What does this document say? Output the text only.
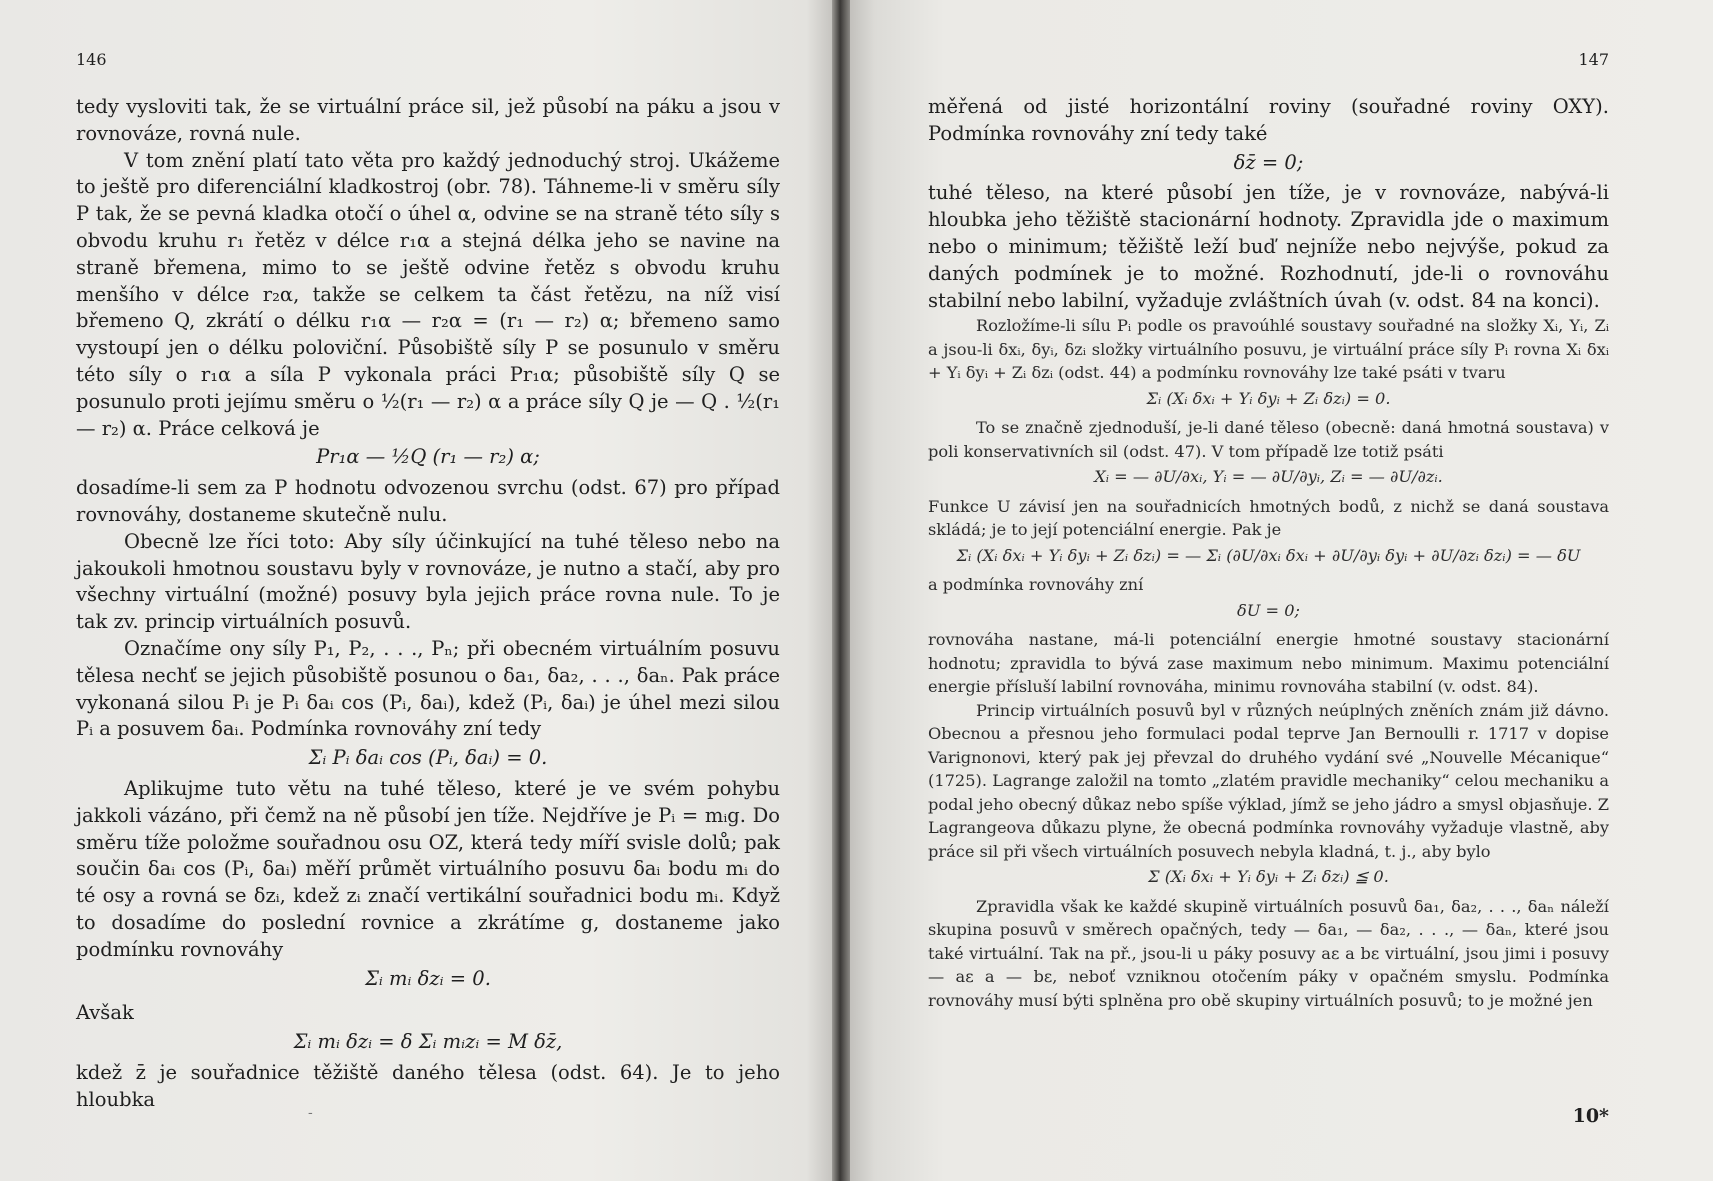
146

tedy vysloviti tak, že se virtuální práce sil, jež působí na páku a jsou v rovnováze, rovná nule.

V tom znění platí tato věta pro každý jednoduchý stroj. Ukážeme to ještě pro diferenciální kladkostroj (obr. 78). Táhneme-li v směru síly P tak, že se pevná kladka otočí o úhel α, odvine se na straně této síly s obvodu kruhu r₁ řetěz v délce r₁α a stejná délka jeho se navine na straně břemena, mimo to se ještě odvine řetěz s obvodu kruhu menšího v délce r₂α, takže se celkem ta část řetězu, na níž visí břemeno Q, zkrátí o délku r₁α — r₂α = (r₁ — r₂) α; břemeno samo vystoupí jen o délku poloviční. Působiště síly P se posunulo v směru této síly o r₁α a síla P vykonala práci Pr₁α; působiště síly Q se posunulo proti jejímu směru o ½(r₁ — r₂) α a práce síly Q je — Q . ½(r₁ — r₂) α. Práce celková je

Pr₁α — ½Q (r₁ — r₂) α;

dosadíme-li sem za P hodnotu odvozenou svrchu (odst. 67) pro případ rovnováhy, dostaneme skutečně nulu.

Obecně lze říci toto: Aby síly účinkující na tuhé těleso nebo na jakoukoli hmotnou soustavu byly v rovnováze, je nutno a stačí, aby pro všechny virtuální (možné) posuvy byla jejich práce rovna nule. To je tak zv. princip virtuálních posuvů.

Označíme ony síly P₁, P₂, . . ., Pₙ; při obecném virtuálním posuvu tělesa nechť se jejich působiště posunou o δa₁, δa₂, . . ., δaₙ. Pak práce vykonaná silou Pᵢ je Pᵢ δaᵢ cos (Pᵢ, δaᵢ), kdež (Pᵢ, δaᵢ) je úhel mezi silou Pᵢ a posuvem δaᵢ. Podmínka rovnováhy zní tedy

Σᵢ Pᵢ δaᵢ cos (Pᵢ, δaᵢ) = 0.

Aplikujme tuto větu na tuhé těleso, které je ve svém pohybu jakkoli vázáno, při čemž na ně působí jen tíže. Nejdříve je Pᵢ = mᵢg. Do směru tíže položme souřadnou osu OZ, která tedy míří svisle dolů; pak součin δaᵢ cos (Pᵢ, δaᵢ) měří průmět virtuálního posuvu δaᵢ bodu mᵢ do té osy a rovná se δzᵢ, kdež zᵢ značí vertikální souřadnici bodu mᵢ. Když to dosadíme do poslední rovnice a zkrátíme g, dostaneme jako podmínku rovnováhy

Σᵢ mᵢ δzᵢ = 0.

Avšak

Σᵢ mᵢ δzᵢ = δ Σᵢ mᵢzᵢ = M δz̄,

kdež z̄ je souřadnice těžiště daného tělesa (odst. 64). Je to jeho hloubka

-
147

měřená od jisté horizontální roviny (souřadné roviny OXY). Podmínka rovnováhy zní tedy také

δz̄ = 0;

tuhé těleso, na které působí jen tíže, je v rovnováze, nabývá-li hloubka jeho těžiště stacionární hodnoty. Zpravidla jde o maximum nebo o minimum; těžiště leží buď nejníže nebo nejvýše, pokud za daných podmínek je to možné. Rozhodnutí, jde-li o rovnováhu stabilní nebo labilní, vyžaduje zvláštních úvah (v. odst. 84 na konci).

Rozložíme-li sílu Pᵢ podle os pravoúhlé soustavy souřadné na složky Xᵢ, Yᵢ, Zᵢ a jsou-li δxᵢ, δyᵢ, δzᵢ složky virtuálního posuvu, je virtuální práce síly Pᵢ rovna Xᵢ δxᵢ + Yᵢ δyᵢ + Zᵢ δzᵢ (odst. 44) a podmínku rovnováhy lze také psáti v tvaru

Σᵢ (Xᵢ δxᵢ + Yᵢ δyᵢ + Zᵢ δzᵢ) = 0.

To se značně zjednoduší, je-li dané těleso (obecně: daná hmotná soustava) v poli konservativních sil (odst. 47). V tom případě lze totiž psáti

Xᵢ = — ∂U/∂xᵢ, Yᵢ = — ∂U/∂yᵢ, Zᵢ = — ∂U/∂zᵢ.

Funkce U závisí jen na souřadnicích hmotných bodů, z nichž se daná soustava skládá; je to její potenciální energie. Pak je

Σᵢ (Xᵢ δxᵢ + Yᵢ δyᵢ + Zᵢ δzᵢ) = — Σᵢ (∂U/∂xᵢ δxᵢ + ∂U/∂yᵢ δyᵢ + ∂U/∂zᵢ δzᵢ) = — δU

a podmínka rovnováhy zní

δU = 0;

rovnováha nastane, má-li potenciální energie hmotné soustavy stacionární hodnotu; zpravidla to bývá zase maximum nebo minimum. Maximu potenciální energie přísluší labilní rovnováha, minimu rovnováha stabilní (v. odst. 84).

Princip virtuálních posuvů byl v různých neúplných zněních znám již dávno. Obecnou a přesnou jeho formulaci podal teprve Jan Bernoulli r. 1717 v dopise Varignonovi, který pak jej převzal do druhého vydání své „Nouvelle Mécanique“ (1725). Lagrange založil na tomto „zlatém pravidle mechaniky“ celou mechaniku a podal jeho obecný důkaz nebo spíše výklad, jímž se jeho jádro a smysl objasňuje. Z Lagrangeova důkazu plyne, že obecná podmínka rovnováhy vyžaduje vlastně, aby práce sil při všech virtuálních posuvech nebyla kladná, t. j., aby bylo

Σ (Xᵢ δxᵢ + Yᵢ δyᵢ + Zᵢ δzᵢ) ≦ 0.

Zpravidla však ke každé skupině virtuálních posuvů δa₁, δa₂, . . ., δaₙ náleží skupina posuvů v směrech opačných, tedy — δa₁, — δa₂, . . ., — δaₙ, které jsou také virtuální. Tak na př., jsou-li u páky posuvy aε a bε virtuální, jsou jimi i posuvy — aε a — bε, neboť vzniknou otočením páky v opačném smyslu. Podmínka rovnováhy musí býti splněna pro obě skupiny virtuálních posuvů; to je možné jen

10*
